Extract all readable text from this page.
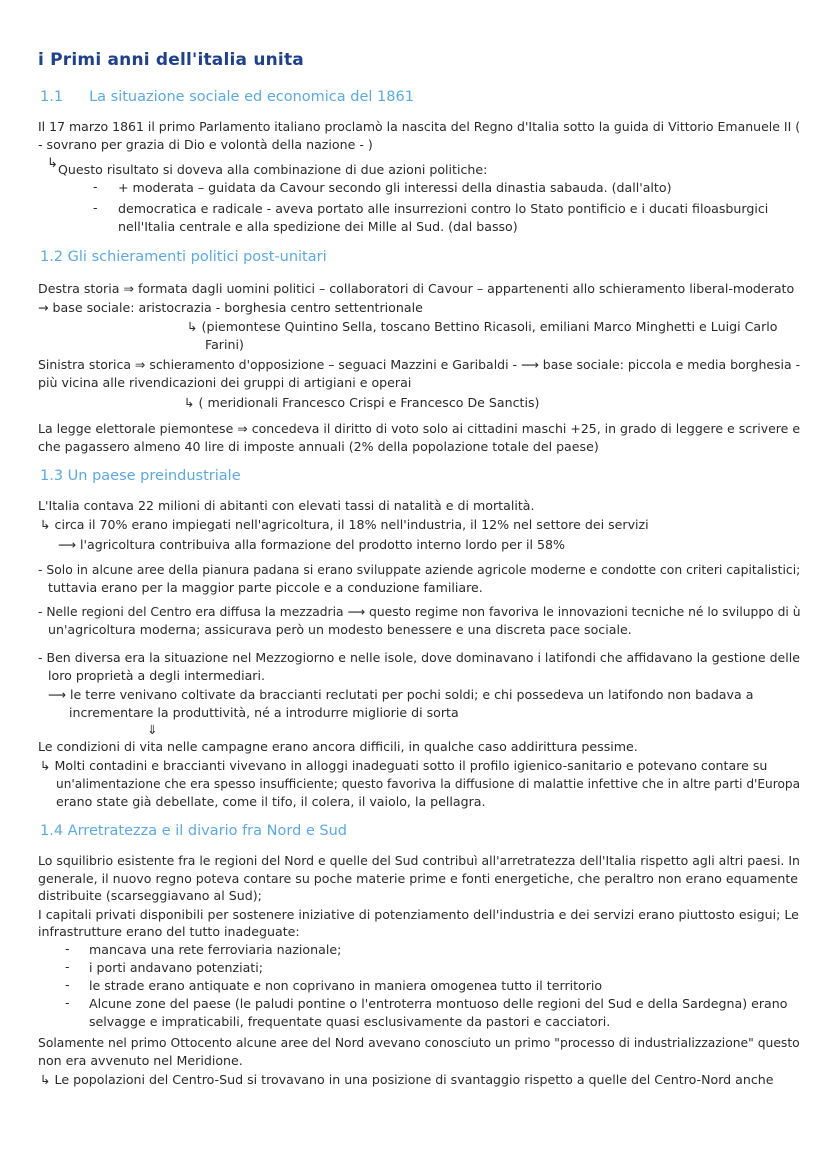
i Primi anni dell'italia unita
1.1 La situazione sociale ed economica del 1861
Il 17 marzo 1861 il primo Parlamento italiano proclamò la nascita del Regno d'Italia sotto la guida di Vittorio Emanuele II (
- sovrano per grazia di Dio e volontà della nazione - )
↳ Questo risultato si doveva alla combinazione di due azioni politiche:
- + moderata – guidata da Cavour secondo gli interessi della dinastia sabauda. (dall'alto)
- democratica e radicale - aveva portato alle insurrezioni contro lo Stato pontificio e i ducati filoasburgici
nell'Italia centrale e alla spedizione dei Mille al Sud. (dal basso)
1.2 Gli schieramenti politici post-unitari
Destra storia ⇒ formata dagli uomini politici – collaboratori di Cavour – appartenenti allo schieramento liberal-moderato
→ base sociale: aristocrazia - borghesia centro settentrionale
↳ (piemontese Quintino Sella, toscano Bettino Ricasoli, emiliani Marco Minghetti e Luigi Carlo
Farini)
Sinistra storica ⇒ schieramento d'opposizione – seguaci Mazzini e Garibaldi - ⟶ base sociale: piccola e media borghesia -
più vicina alle rivendicazioni dei gruppi di artigiani e operai
↳ ( meridionali Francesco Crispi e Francesco De Sanctis)
La legge elettorale piemontese ⇒ concedeva il diritto di voto solo ai cittadini maschi +25, in grado di leggere e scrivere e
che pagassero almeno 40 lire di imposte annuali (2% della popolazione totale del paese)
1.3 Un paese preindustriale
L'Italia contava 22 milioni di abitanti con elevati tassi di natalità e di mortalità.
↳ circa il 70% erano impiegati nell'agricoltura, il 18% nell'industria, il 12% nel settore dei servizi
⟶ l'agricoltura contribuiva alla formazione del prodotto interno lordo per il 58%
- Solo in alcune aree della pianura padana si erano sviluppate aziende agricole moderne e condotte con criteri capitalistici;
tuttavia erano per la maggior parte piccole e a conduzione familiare.
- Nelle regioni del Centro era diffusa la mezzadria ⟶ questo regime non favoriva le innovazioni tecniche né lo sviluppo di ù
un'agricoltura moderna; assicurava però un modesto benessere e una discreta pace sociale.
- Ben diversa era la situazione nel Mezzogiorno e nelle isole, dove dominavano i latifondi che affidavano la gestione delle
loro proprietà a degli intermediari.
⟶ le terre venivano coltivate da braccianti reclutati per pochi soldi; e chi possedeva un latifondo non badava a
incrementare la produttività, né a introdurre migliorie di sorta
⇓
Le condizioni di vita nelle campagne erano ancora difficili, in qualche caso addirittura pessime.
↳ Molti contadini e braccianti vivevano in alloggi inadeguati sotto il profilo igienico-sanitario e potevano contare su
un'alimentazione che era spesso insufficiente; questo favoriva la diffusione di malattie infettive che in altre parti d'Europa
erano state già debellate, come il tifo, il colera, il vaiolo, la pellagra.
1.4 Arretratezza e il divario fra Nord e Sud
Lo squilibrio esistente fra le regioni del Nord e quelle del Sud contribuì all'arretratezza dell'Italia rispetto agli altri paesi. In
generale, il nuovo regno poteva contare su poche materie prime e fonti energetiche, che peraltro non erano equamente
distribuite (scarseggiavano al Sud);
I capitali privati disponibili per sostenere iniziative di potenziamento dell'industria e dei servizi erano piuttosto esigui; Le
infrastrutture erano del tutto inadeguate:
- mancava una rete ferroviaria nazionale;
- i porti andavano potenziati;
- le strade erano antiquate e non coprivano in maniera omogenea tutto il territorio
- Alcune zone del paese (le paludi pontine o l'entroterra montuoso delle regioni del Sud e della Sardegna) erano
selvagge e impraticabili, frequentate quasi esclusivamente da pastori e cacciatori.
Solamente nel primo Ottocento alcune aree del Nord avevano conosciuto un primo "processo di industrializzazione" questo
non era avvenuto nel Meridione.
↳ Le popolazioni del Centro-Sud si trovavano in una posizione di svantaggio rispetto a quelle del Centro-Nord anche
